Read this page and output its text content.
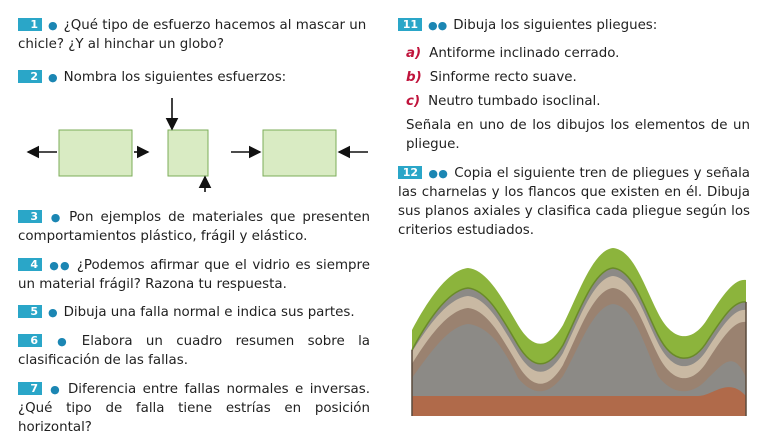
1 ● ¿Qué tipo de esfuerzo hacemos al mascar un chicle? ¿Y al hinchar un globo?

2 ● Nombra los siguientes esfuerzos:

3 ● Pon ejemplos de materiales que presenten comportamientos plástico, frágil y elástico.

4 ●● ¿Podemos afirmar que el vidrio es siempre un material frágil? Razona tu respuesta.

5 ● Dibuja una falla normal e indica sus partes.

6 ● Elabora un cuadro resumen sobre la clasificación de las fallas.

7 ● Diferencia entre fallas normales e inversas. ¿Qué tipo de falla tiene estrías en posición horizontal?

11 ●● Dibuja los siguientes pliegues:

a) Antiforme inclinado cerrado.

b) Sinforme recto suave.

c) Neutro tumbado isoclinal.

Señala en uno de los dibujos los elementos de un pliegue.

12 ●● Copia el siguiente tren de pliegues y señala las charnelas y los flancos que existen en él. Dibuja sus planos axiales y clasifica cada pliegue según los criterios estudiados.
